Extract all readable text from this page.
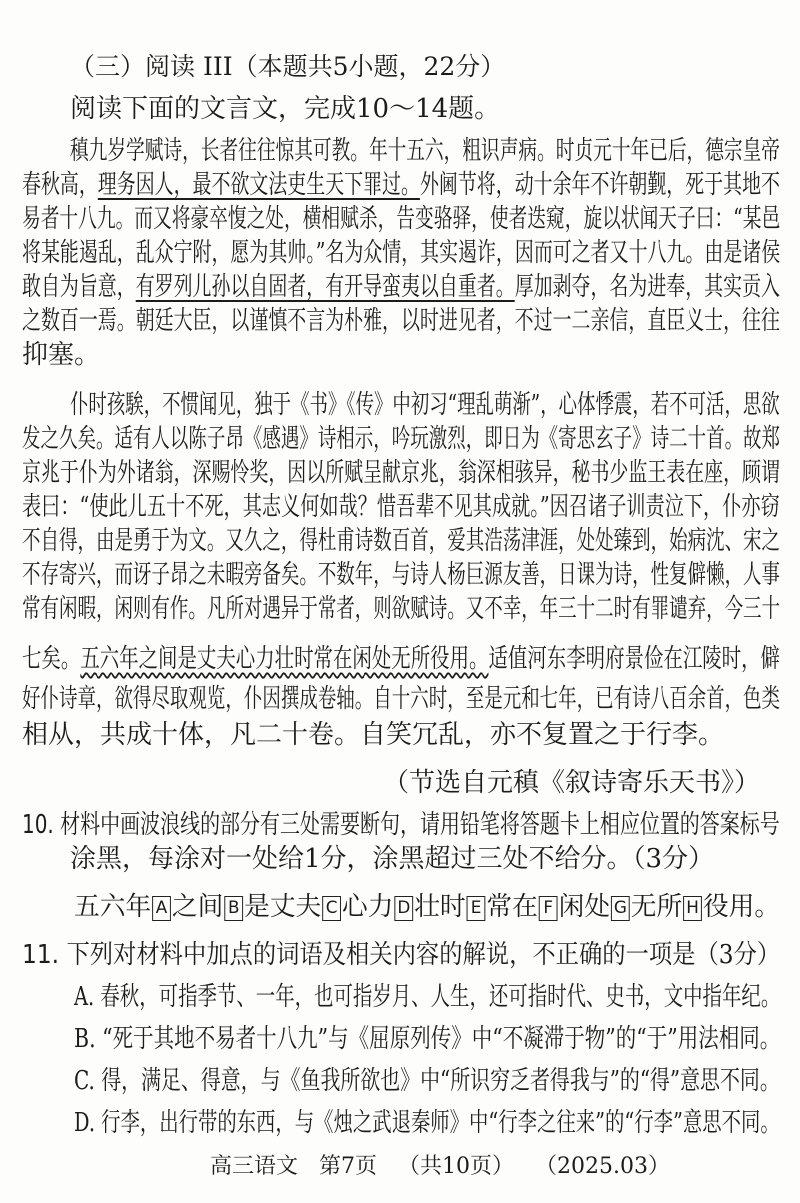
（三）阅读 III（本题共5小题，22分）
阅读下面的文言文，完成10～14题。
稹九岁学赋诗，长者往往惊其可教。年十五六，粗识声病。时贞元十年已后，德宗皇帝
春秋高，理务因人，最不欲文法吏生天下罪过。外阃节将，动十余年不许朝觐，死于其地不
易者十八九。而又将豪卒愎之处，横相赋杀，告变骆驿，使者迭窥，旋以状闻天子曰：“某邑
将某能遏乱，乱众宁附，愿为其帅。”名为众情，其实遏诈，因而可之者又十八九。由是诸侯
敢自为旨意，有罗列儿孙以自固者，有开导蛮夷以自重者。厚加剥夺，名为进奉，其实贡入
之数百一焉。朝廷大臣，以谨慎不言为朴雅，以时进见者，不过一二亲信，直臣义士，往往
抑塞。
仆时孩騃，不惯闻见，独于《书》《传》中初习“理乱萌渐”，心体悸震，若不可活，思欲
发之久矣。适有人以陈子昂《感遇》诗相示，吟玩激烈，即日为《寄思玄子》诗二十首。故郑
京兆于仆为外诸翁，深赐怜奖，因以所赋呈献京兆，翁深相骇异，秘书少监王表在座，顾谓
表曰：“使此儿五十不死，其志义何如哉？惜吾辈不见其成就。”因召诸子训责泣下，仆亦窃
不自得，由是勇于为文。又久之，得杜甫诗数百首，爱其浩荡津涯，处处臻到，始病沈、宋之
不存寄兴，而讶子昂之未暇旁备矣。不数年，与诗人杨巨源友善，日课为诗，性复僻懒，人事
常有闲暇，闲则有作。凡所对遇异于常者，则欲赋诗。又不幸，年三十二时有罪谴弃，今三十
七矣。五六年之间是丈夫心力壮时常在闲处无所役用。适值河东李明府景俭在江陵时，僻
好仆诗章，欲得尽取观览，仆因撰成卷轴。自十六时，至是元和七年，已有诗八百余首，色类
相从，共成十体，凡二十卷。自笑冗乱，亦不复置之于行李。
（节选自元稹《叙诗寄乐天书》）
10. 材料中画波浪线的部分有三处需要断句，请用铅笔将答题卡上相应位置的答案标号
涂黑，每涂对一处给1分，涂黑超过三处不给分。（3分）
五六年 A 之间 B 是丈夫 C 心力 D 壮时 E 常在 F 闲处 G 无所 H 役用。
11. 下列对材料中加点的词语及相关内容的解说，不正确的一项是（3分）
A. 春秋，可指季节、一年，也可指岁月、人生，还可指时代、史书，文中指年纪。
B. “死于其地不易者十八九”与《屈原列传》中“不凝滞于物”的“于”用法相同。
C. 得，满足、得意，与《鱼我所欲也》中“所识穷乏者得我与”的“得”意思不同。
D. 行李，出行带的东西，与《烛之武退秦师》中“行李之往来”的“行李”意思不同。
高三语文 第7页 （共10页） （2025.03）
